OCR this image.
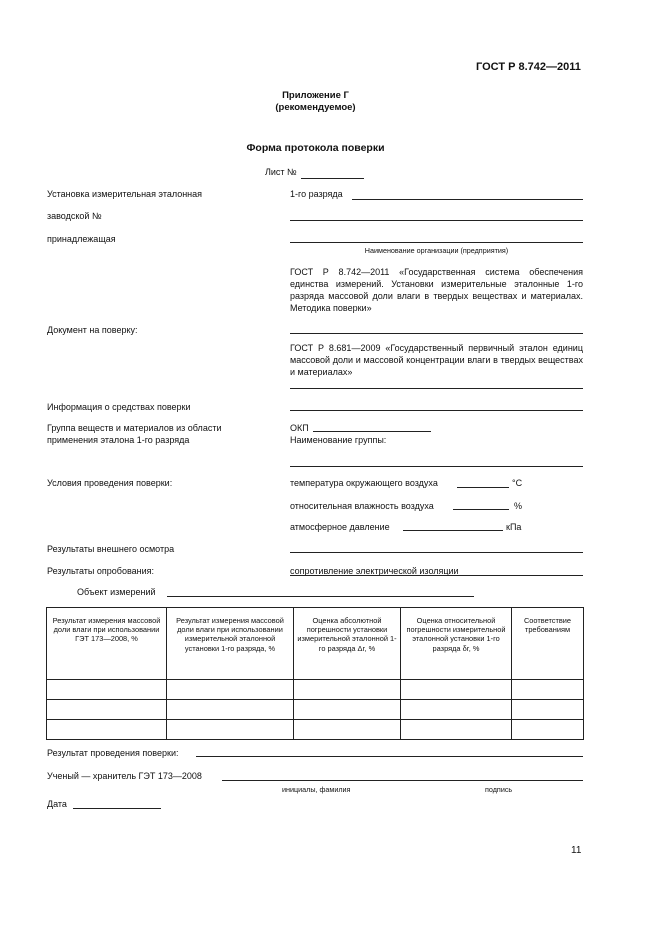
ГОСТ Р 8.742—2011
Приложение Г
(рекомендуемое)
Форма протокола поверки
Лист №
Установка измерительная эталонная	1-го разряда
заводской №
принадлежащая
Наименование организации (предприятия)
ГОСТ Р 8.742—2011 «Государственная система обеспечения единства измерений. Установки измерительные эталонные 1-го разряда массовой доли влаги в твердых веществах и материалах. Методика поверки»
Документ на поверку:
ГОСТ Р 8.681—2009 «Государственный первичный эталон единиц массовой доли и массовой концентрации влаги в твердых веществах и материалах»
Информация о средствах поверки
Группа веществ и материалов из области
применения эталона 1-го разряда
ОКП
Наименование группы:
Условия проведения поверки:	температура окружающего воздуха	°С
относительная влажность воздуха	%
атмосферное давление	кПа
Результаты внешнего осмотра
Результаты опробования:	сопротивление электрической изоляции
Объект измерений
Результат измерения массовой доли влаги при использовании ГЭТ 173—2008, %	Результат измерения массовой доли влаги при использовании измерительной эталонной установки 1-го разряда, %	Оценка абсолютной погрешности установки измерительной эталонной 1-го разряда Δr, %	Оценка относительной погрешности измерительной эталонной установки 1-го разряда δr, %	Соответствие требованиям

Результат проведения поверки:
Ученый — хранитель ГЭТ 173—2008
инициалы, фамилия	подпись
Дата
11
